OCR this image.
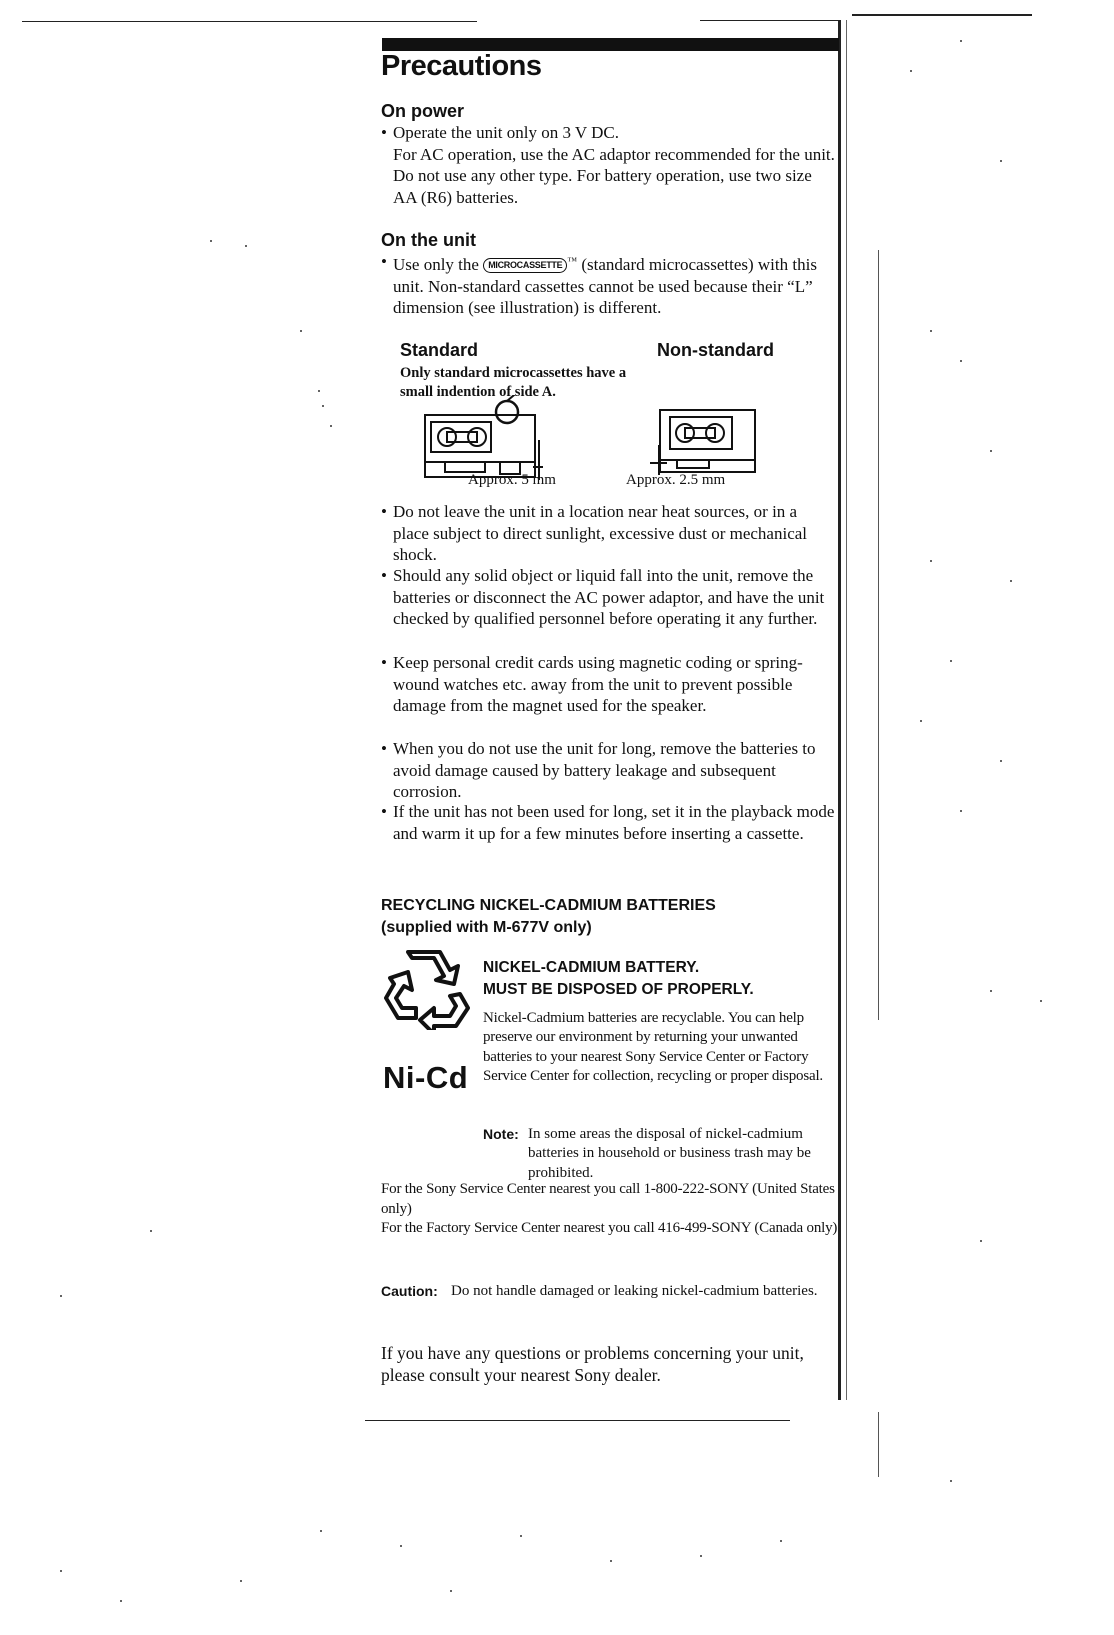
Precautions
On power

• Operate the unit only on 3 V DC.
For AC operation, use the AC adaptor recommended for the unit. Do not use any other type. For battery operation, use two size AA (R6) batteries.

On the unit

• Use only the MICROCASSETTE ™ (standard microcassettes) with this unit. Non-standard cassettes cannot be used because their “L” dimension (see illustration) is different.

Standard	Non-standard

Only standard microcassettes have a small indention of side A.

Approx. 5 mm	Approx. 2.5 mm

• Do not leave the unit in a location near heat sources, or in a place subject to direct sunlight, excessive dust or mechanical shock.

• Should any solid object or liquid fall into the unit, remove the batteries or disconnect the AC power adaptor, and have the unit checked by qualified personnel before operating it any further.

• Keep personal credit cards using magnetic coding or spring-wound watches etc. away from the unit to prevent possible damage from the magnet used for the speaker.

• When you do not use the unit for long, remove the batteries to avoid damage caused by battery leakage and subsequent corrosion.

• If the unit has not been used for long, set it in the playback mode and warm it up for a few minutes before inserting a cassette.

RECYCLING NICKEL-CADMIUM BATTERIES
(supplied with M-677V only)

Ni-Cd

NICKEL-CADMIUM BATTERY.
MUST BE DISPOSED OF PROPERLY.

Nickel-Cadmium batteries are recyclable. You can help preserve our environment by returning your unwanted batteries to your nearest Sony Service Center or Factory Service Center for collection, recycling or proper disposal.

Note: In some areas the disposal of nickel-cadmium batteries in household or business trash may be prohibited.

For the Sony Service Center nearest you call 1-800-222-SONY (United States only)

For the Factory Service Center nearest you call 416-499-SONY (Canada only)

Caution: Do not handle damaged or leaking nickel-cadmium batteries.

If you have any questions or problems concerning your unit, please consult your nearest Sony dealer.
